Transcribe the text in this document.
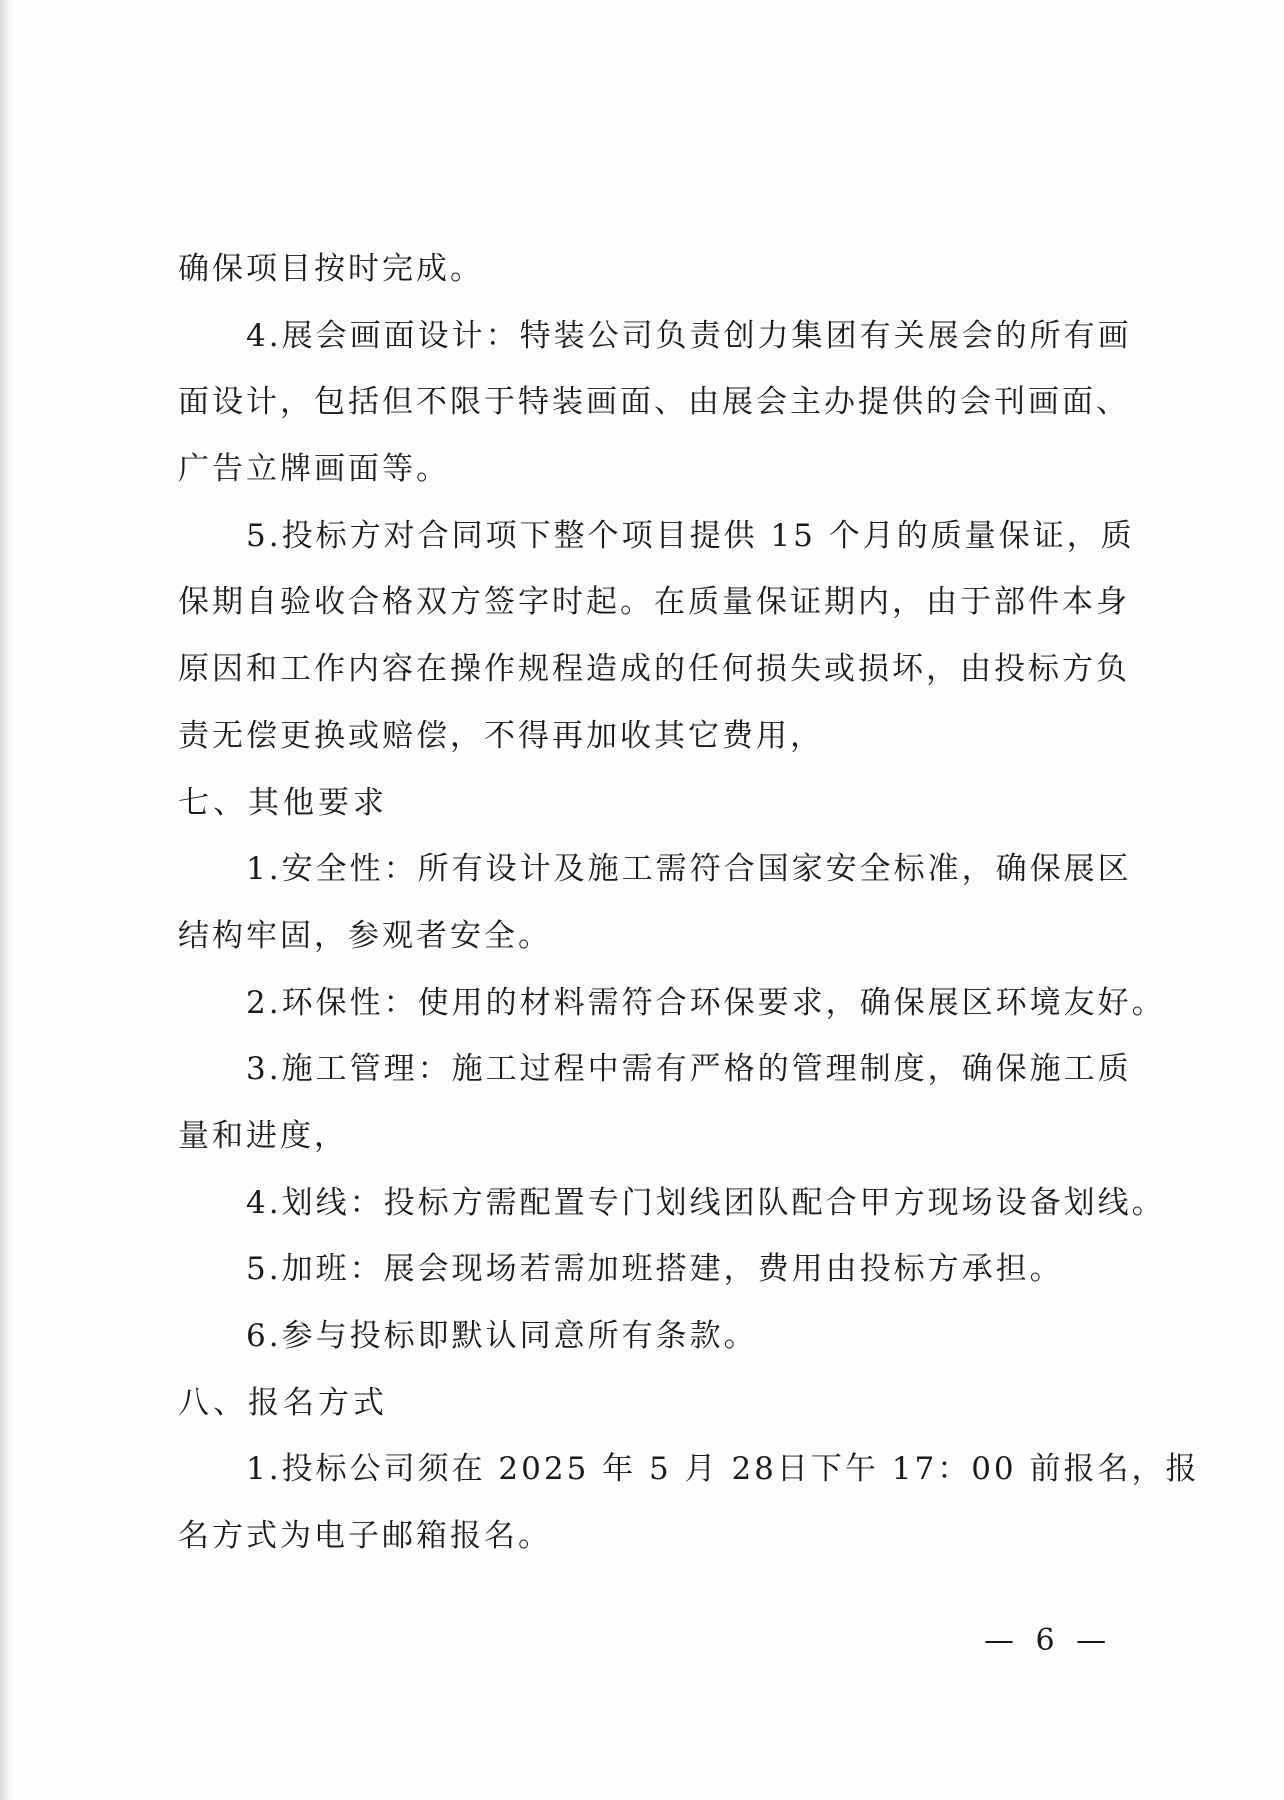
确保项目按时完成。
4.展会画面设计：特装公司负责创力集团有关展会的所有画
面设计，包括但不限于特装画面、由展会主办提供的会刊画面、
广告立牌画面等。
5.投标方对合同项下整个项目提供 15 个月的质量保证，质
保期自验收合格双方签字时起。在质量保证期内，由于部件本身
原因和工作内容在操作规程造成的任何损失或损坏，由投标方负
责无偿更换或赔偿，不得再加收其它费用，
七、其他要求
1.安全性：所有设计及施工需符合国家安全标准，确保展区
结构牢固，参观者安全。
2.环保性：使用的材料需符合环保要求，确保展区环境友好。
3.施工管理：施工过程中需有严格的管理制度，确保施工质
量和进度，
4.划线：投标方需配置专门划线团队配合甲方现场设备划线。
5.加班：展会现场若需加班搭建，费用由投标方承担。
6.参与投标即默认同意所有条款。
八、报名方式
1.投标公司须在 2025 年 5 月 28日下午 17：00 前报名，报
名方式为电子邮箱报名。
— 6 —
